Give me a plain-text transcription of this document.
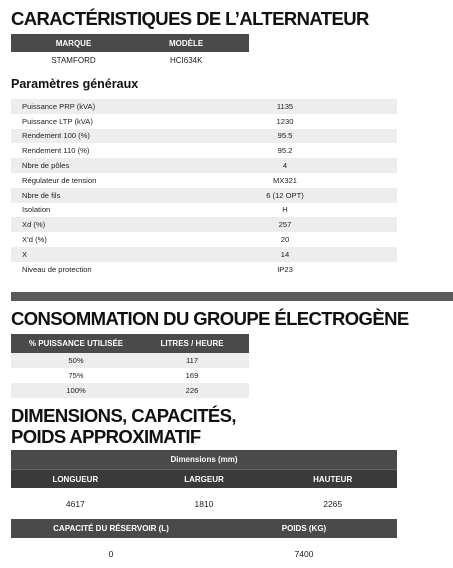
CARACTÉRISTIQUES DE L’ALTERNATEUR
MARQUE	MODÈLE
STAMFORD	HCI634K
Paramètres généraux
Puissance PRP (kVA)	1135
Puissance LTP (kVA)	1230
Rendement 100 (%)	95.5
Rendement 110 (%)	95.2
Nbre de pôles	4
Régulateur de tension	MX321
Nbre de fils	6 (12 OPT)
Isolation	H
Xd (%)	257
X’d (%)	20
X	14
Niveau de protection	IP23
CONSOMMATION DU GROUPE ÉLECTROGÈNE
% PUISSANCE UTILISÉE	LITRES / HEURE
50%	117
75%	169
100%	226
DIMENSIONS, CAPACITÉS,
POIDS APPROXIMATIF
Dimensions (mm)
LONGUEUR	LARGEUR	HAUTEUR
4617	1810	2265
CAPACITÉ DU RÉSERVOIR (L)	POIDS (KG)
0	7400
